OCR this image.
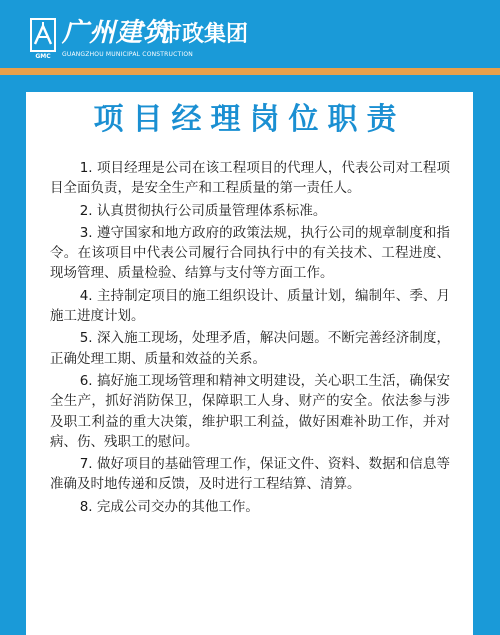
GMC
广州建筑
市政集团
GUANGZHOU MUNICIPAL CONSTRUCTION
项目经理岗位职责

1. 项目经理是公司在该工程项目的代理人，代表公司对工程项目全面负责，是安全生产和工程质量的第一责任人。

2. 认真贯彻执行公司质量管理体系标准。

3. 遵守国家和地方政府的政策法规，执行公司的规章制度和指令。在该项目中代表公司履行合同执行中的有关技术、工程进度、现场管理、质量检验、结算与支付等方面工作。

4. 主持制定项目的施工组织设计、质量计划，编制年、季、月施工进度计划。

5. 深入施工现场，处理矛盾，解决问题。不断完善经济制度，正确处理工期、质量和效益的关系。

6. 搞好施工现场管理和精神文明建设，关心职工生活，确保安全生产，抓好消防保卫，保障职工人身、财产的安全。依法参与涉及职工利益的重大决策，维护职工利益，做好困难补助工作，并对病、伤、残职工的慰问。

7. 做好项目的基础管理工作，保证文件、资料、数据和信息等准确及时地传递和反馈，及时进行工程结算、清算。

8. 完成公司交办的其他工作。
